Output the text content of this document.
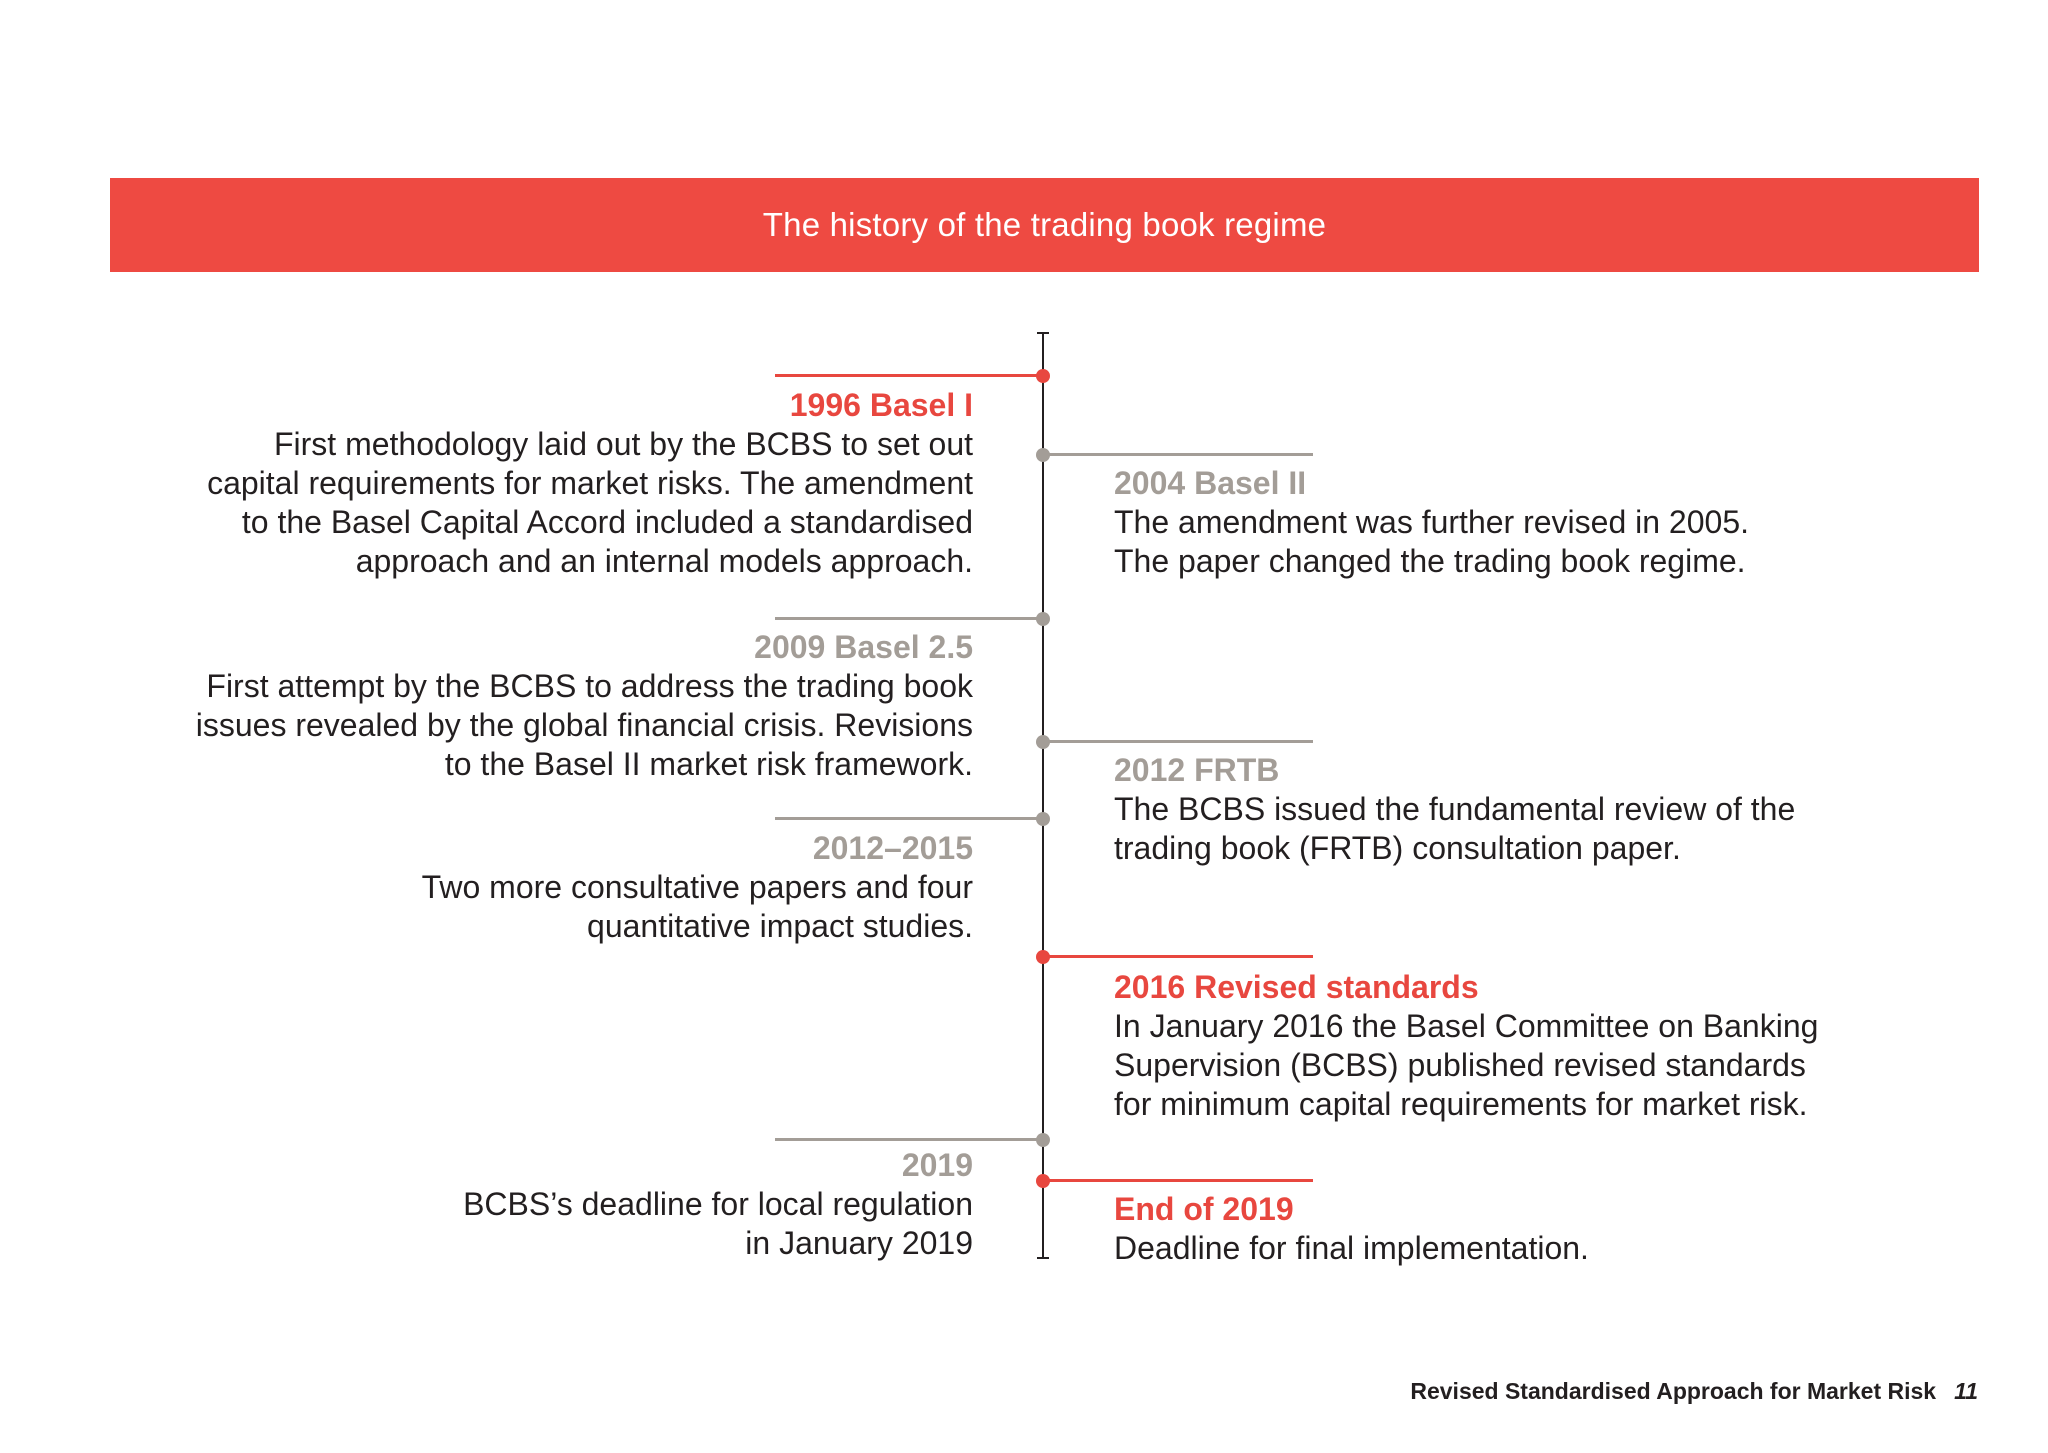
The history of the trading book regime
1996 Basel I
First methodology laid out by the BCBS to set out
capital requirements for market risks. The amendment
to the Basel Capital Accord included a standardised
approach and an internal models approach.
2004 Basel II
The amendment was further revised in 2005.
The paper changed the trading book regime.
2009 Basel 2.5
First attempt by the BCBS to address the trading book
issues revealed by the global financial crisis. Revisions
to the Basel II market risk framework.	2012 FRTB
The BCBS issued the fundamental review of the
trading book (FRTB) consultation paper.
2012–2015
Two more consultative papers and four
quantitative impact studies.
2016 Revised standards
In January 2016 the Basel Committee on Banking
Supervision (BCBS) published revised standards
for minimum capital requirements for market risk.
2019
BCBS’s deadline for local regulation
in January 2019
End of 2019
Deadline for final implementation.
Revised Standardised Approach for Market Risk 11
